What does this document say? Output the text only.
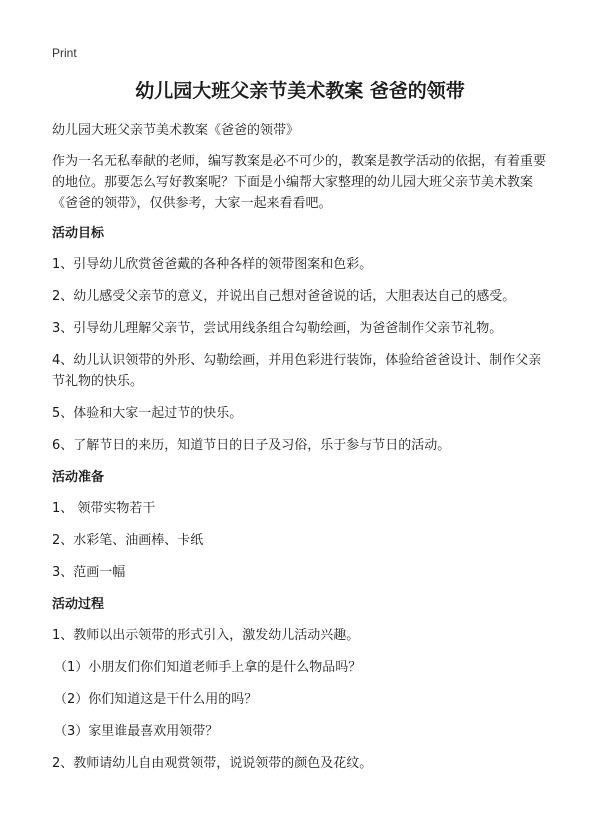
Print
幼儿园大班父亲节美术教案 爸爸的领带

幼儿园大班父亲节美术教案《爸爸的领带》

作为一名无私奉献的老师，编写教案是必不可少的，教案是教学活动的依据，有着重要的地位。那要怎么写好教案呢？下面是小编帮大家整理的幼儿园大班父亲节美术教案《爸爸的领带》，仅供参考，大家一起来看看吧。

活动目标

1、引导幼儿欣赏爸爸戴的各种各样的领带图案和色彩。

2、幼儿感受父亲节的意义，并说出自己想对爸爸说的话，大胆表达自己的感受。

3、引导幼儿理解父亲节，尝试用线条组合勾勒绘画，为爸爸制作父亲节礼物。

4、幼儿认识领带的外形、勾勒绘画，并用色彩进行装饰，体验给爸爸设计、制作父亲节礼物的快乐。

5、体验和大家一起过节的快乐。

6、了解节日的来历，知道节日的日子及习俗，乐于参与节日的活动。

活动准备

1、 领带实物若干

2、水彩笔、油画棒、卡纸

3、范画一幅

活动过程

1、教师以出示领带的形式引入，激发幼儿活动兴趣。

（1）小朋友们你们知道老师手上拿的是什么物品吗？

（2）你们知道这是干什么用的吗？

（3）家里谁最喜欢用领带？

2、教师请幼儿自由观赏领带，说说领带的颜色及花纹。
